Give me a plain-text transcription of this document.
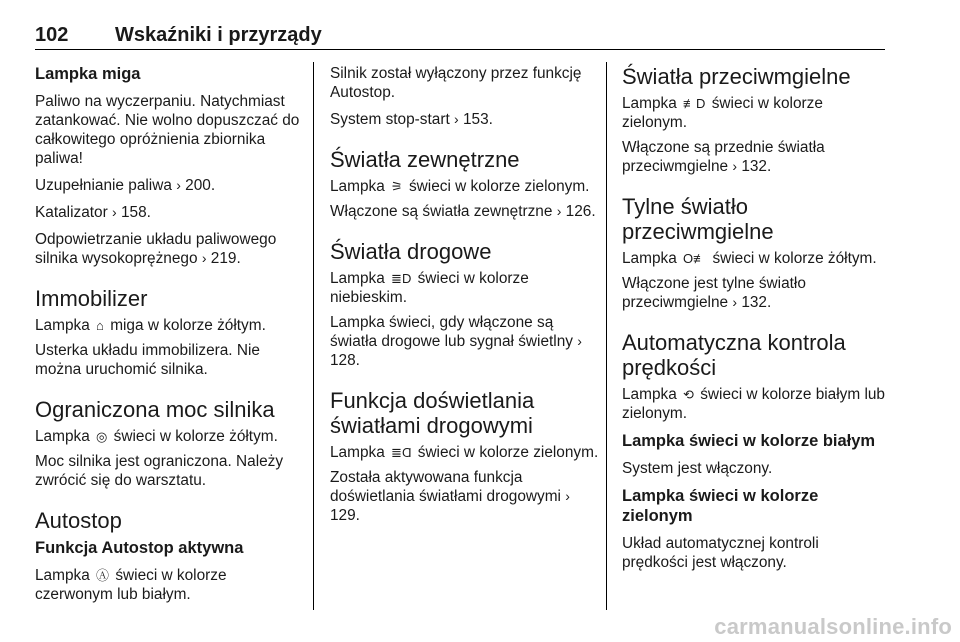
102 Wskaźniki i przyrządy
Lampka miga

Paliwo na wyczerpaniu. Natychmiast zatankować. Nie wolno dopuszczać do całkowitego opróżnienia zbiornika paliwa!

Uzupełnianie paliwa › 200.

Katalizator › 158.

Odpowietrzanie układu paliwowego silnika wysokoprężnego › 219.

Immobilizer

Lampka ⌂ miga w kolorze żółtym.

Usterka układu immobilizera. Nie można uruchomić silnika.

Ograniczona moc silnika

Lampka ◎ świeci w kolorze żółtym.

Moc silnika jest ograniczona. Należy zwrócić się do warsztatu.

Autostop
Funkcja Autostop aktywna

Lampka Ⓐ świeci w kolorze czerwonym lub białym.

Silnik został wyłączony przez funkcję Autostop.

System stop-start › 153.

Światła zewnętrzne

Lampka ⚞ świeci w kolorze zielonym.

Włączone są światła zewnętrzne › 126.

Światła drogowe

Lampka ≣D świeci w kolorze niebieskim.

Lampka świeci, gdy włączone są światła drogowe lub sygnał świetlny › 128.

Funkcja doświetlania światłami drogowymi

Lampka ≣Ɑ świeci w kolorze zielonym.

Została aktywowana funkcja doświetlania światłami drogowymi › 129.

Światła przeciwmgielne

Lampka ≢D świeci w kolorze zielonym.

Włączone są przednie światła przeciwmgielne › 132.

Tylne światło przeciwmgielne

Lampka O≢ świeci w kolorze żółtym.

Włączone jest tylne światło przeciwmgielne › 132.

Automatyczna kontrola prędkości

Lampka ⟲ świeci w kolorze białym lub zielonym.

Lampka świeci w kolorze białym

System jest włączony.

Lampka świeci w kolorze zielonym

Układ automatycznej kontroli prędkości jest włączony.

carmanualsonline.info
